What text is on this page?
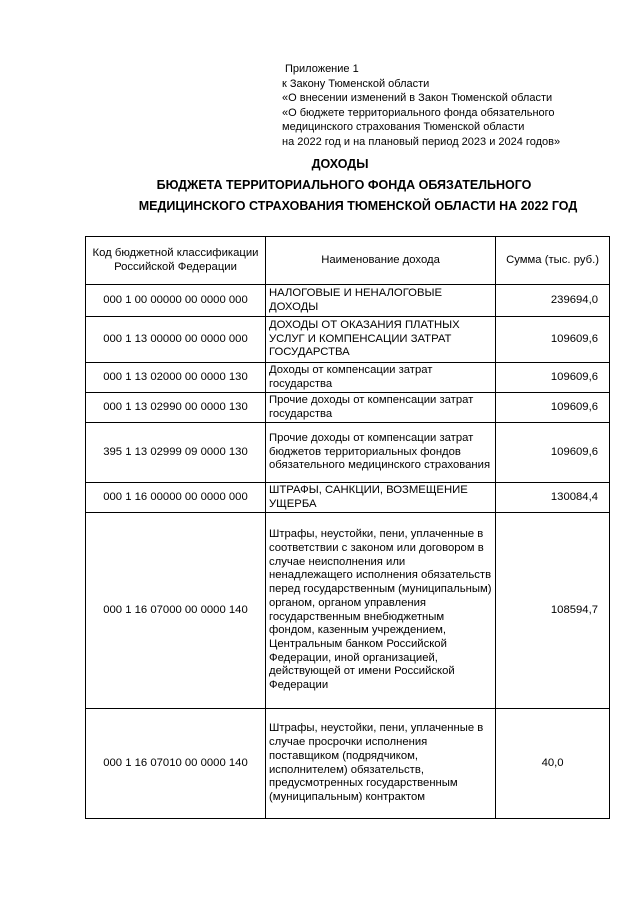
Приложение 1
к Закону Тюменской области
«О внесении изменений в Закон Тюменской области
«О бюджете территориального фонда обязательного
медицинского страхования Тюменской области
на 2022 год и на плановый период 2023 и 2024 годов»
ДОХОДЫ
БЮДЖЕТА ТЕРРИТОРИАЛЬНОГО ФОНДА ОБЯЗАТЕЛЬНОГО
МЕДИЦИНСКОГО СТРАХОВАНИЯ ТЮМЕНСКОЙ ОБЛАСТИ НА 2022 ГОД
Код бюджетной классификации Российской Федерации	Наименование дохода	Сумма (тыс. руб.)
000 1 00 00000 00 0000 000	НАЛОГОВЫЕ И НЕНАЛОГОВЫЕ ДОХОДЫ	239694,0
000 1 13 00000 00 0000 000	ДОХОДЫ ОТ ОКАЗАНИЯ ПЛАТНЫХ УСЛУГ И КОМПЕНСАЦИИ ЗАТРАТ ГОСУДАРСТВА	109609,6
000 1 13 02000 00 0000 130	Доходы от компенсации затрат государства	109609,6
000 1 13 02990 00 0000 130	Прочие доходы от компенсации затрат государства	109609,6
395 1 13 02999 09 0000 130	Прочие доходы от компенсации затрат бюджетов территориальных фондов обязательного медицинского страхования	109609,6
000 1 16 00000 00 0000 000	ШТРАФЫ, САНКЦИИ, ВОЗМЕЩЕНИЕ УЩЕРБА	130084,4
000 1 16 07000 00 0000 140	Штрафы, неустойки, пени, уплаченные в соответствии с законом или договором в случае неисполнения или ненадлежащего исполнения обязательств перед государственным (муниципальным) органом, органом управления государственным внебюджетным фондом, казенным учреждением, Центральным банком Российской Федерации, иной организацией, действующей от имени Российской Федерации	108594,7
000 1 16 07010 00 0000 140	Штрафы, неустойки, пени, уплаченные в случае просрочки исполнения поставщиком (подрядчиком, исполнителем) обязательств, предусмотренных государственным (муниципальным) контрактом	40,0
